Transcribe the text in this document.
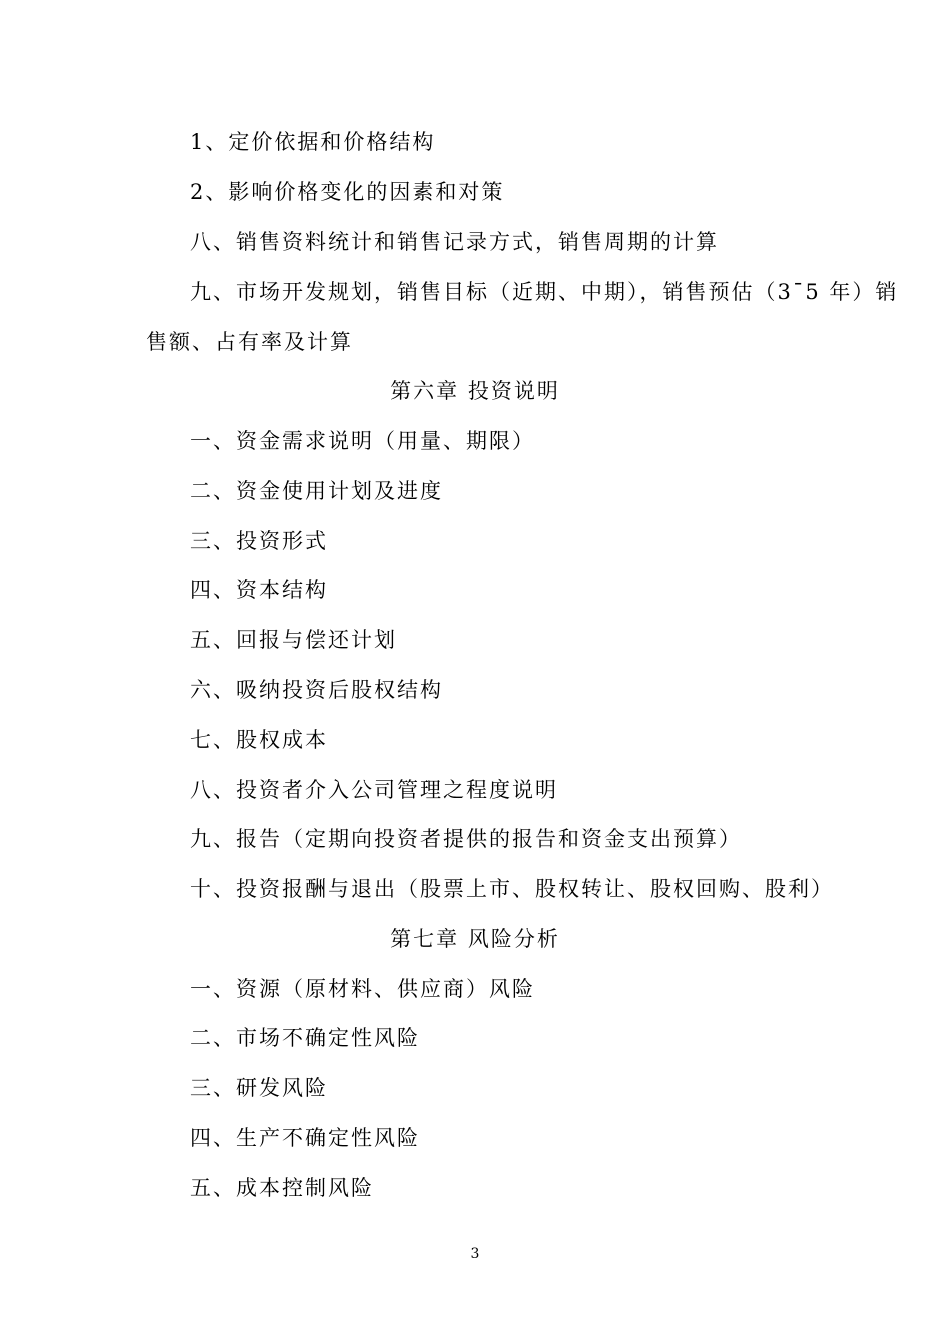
1、定价依据和价格结构
2、影响价格变化的因素和对策
八、销售资料统计和销售记录方式，销售周期的计算
九、市场开发规划，销售目标（近期、中期），销售预估（3¯5 年）销
售额、占有率及计算
第六章 投资说明
一、资金需求说明（用量、期限）
二、资金使用计划及进度
三、投资形式
四、资本结构
五、回报与偿还计划
六、吸纳投资后股权结构
七、股权成本
八、投资者介入公司管理之程度说明
九、报告（定期向投资者提供的报告和资金支出预算）
十、投资报酬与退出（股票上市、股权转让、股权回购、股利）
第七章 风险分析
一、资源（原材料、供应商）风险
二、市场不确定性风险
三、研发风险
四、生产不确定性风险
五、成本控制风险
3
